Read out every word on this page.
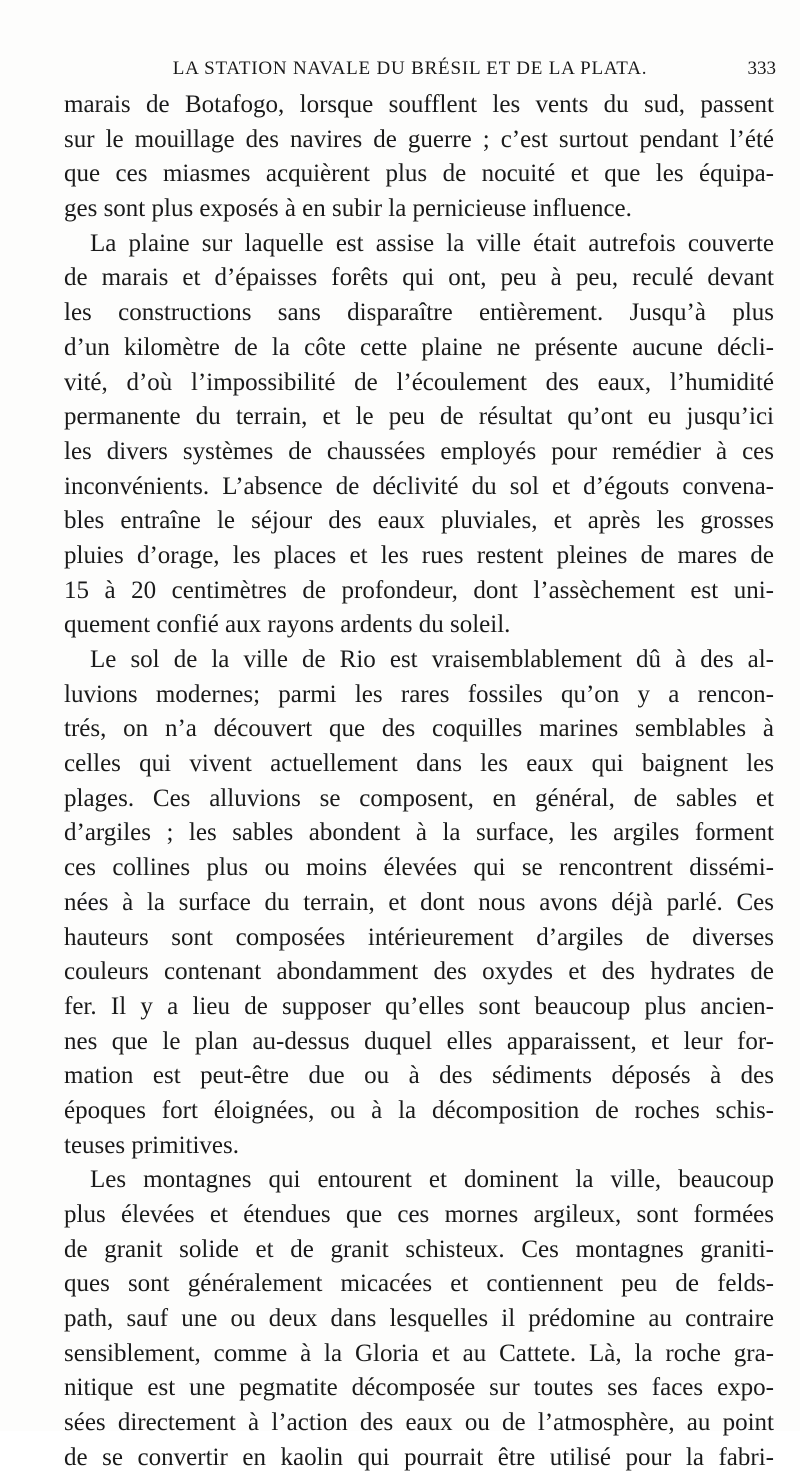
LA STATION NAVALE DU BRÉSIL ET DE LA PLATA.	333
marais de Botafogo, lorsque soufflent les vents du sud, passent
sur le mouillage des navires de guerre ; c’est surtout pendant l’été
que ces miasmes acquièrent plus de nocuité et que les équipa-
ges sont plus exposés à en subir la pernicieuse influence.
La plaine sur laquelle est assise la ville était autrefois couverte
de marais et d’épaisses forêts qui ont, peu à peu, reculé devant
les constructions sans disparaître entièrement. Jusqu’à plus
d’un kilomètre de la côte cette plaine ne présente aucune décli-
vité, d’où l’impossibilité de l’écoulement des eaux, l’humidité
permanente du terrain, et le peu de résultat qu’ont eu jusqu’ici
les divers systèmes de chaussées employés pour remédier à ces
inconvénients. L’absence de déclivité du sol et d’égouts convena-
bles entraîne le séjour des eaux pluviales, et après les grosses
pluies d’orage, les places et les rues restent pleines de mares de
15 à 20 centimètres de profondeur, dont l’assèchement est uni-
quement confié aux rayons ardents du soleil.
Le sol de la ville de Rio est vraisemblablement dû à des al-
luvions modernes; parmi les rares fossiles qu’on y a rencon-
trés, on n’a découvert que des coquilles marines semblables à
celles qui vivent actuellement dans les eaux qui baignent les
plages. Ces alluvions se composent, en général, de sables et
d’argiles ; les sables abondent à la surface, les argiles forment
ces collines plus ou moins élevées qui se rencontrent dissémi-
nées à la surface du terrain, et dont nous avons déjà parlé. Ces
hauteurs sont composées intérieurement d’argiles de diverses
couleurs contenant abondamment des oxydes et des hydrates de
fer. Il y a lieu de supposer qu’elles sont beaucoup plus ancien-
nes que le plan au-dessus duquel elles apparaissent, et leur for-
mation est peut-être due ou à des sédiments déposés à des
époques fort éloignées, ou à la décomposition de roches schis-
teuses primitives.
Les montagnes qui entourent et dominent la ville, beaucoup
plus élevées et étendues que ces mornes argileux, sont formées
de granit solide et de granit schisteux. Ces montagnes graniti-
ques sont généralement micacées et contiennent peu de felds-
path, sauf une ou deux dans lesquelles il prédomine au contraire
sensiblement, comme à la Gloria et au Cattete. Là, la roche gra-
nitique est une pegmatite décomposée sur toutes ses faces expo-
sées directement à l’action des eaux ou de l’atmosphère, au point
de se convertir en kaolin qui pourrait être utilisé pour la fabri-
